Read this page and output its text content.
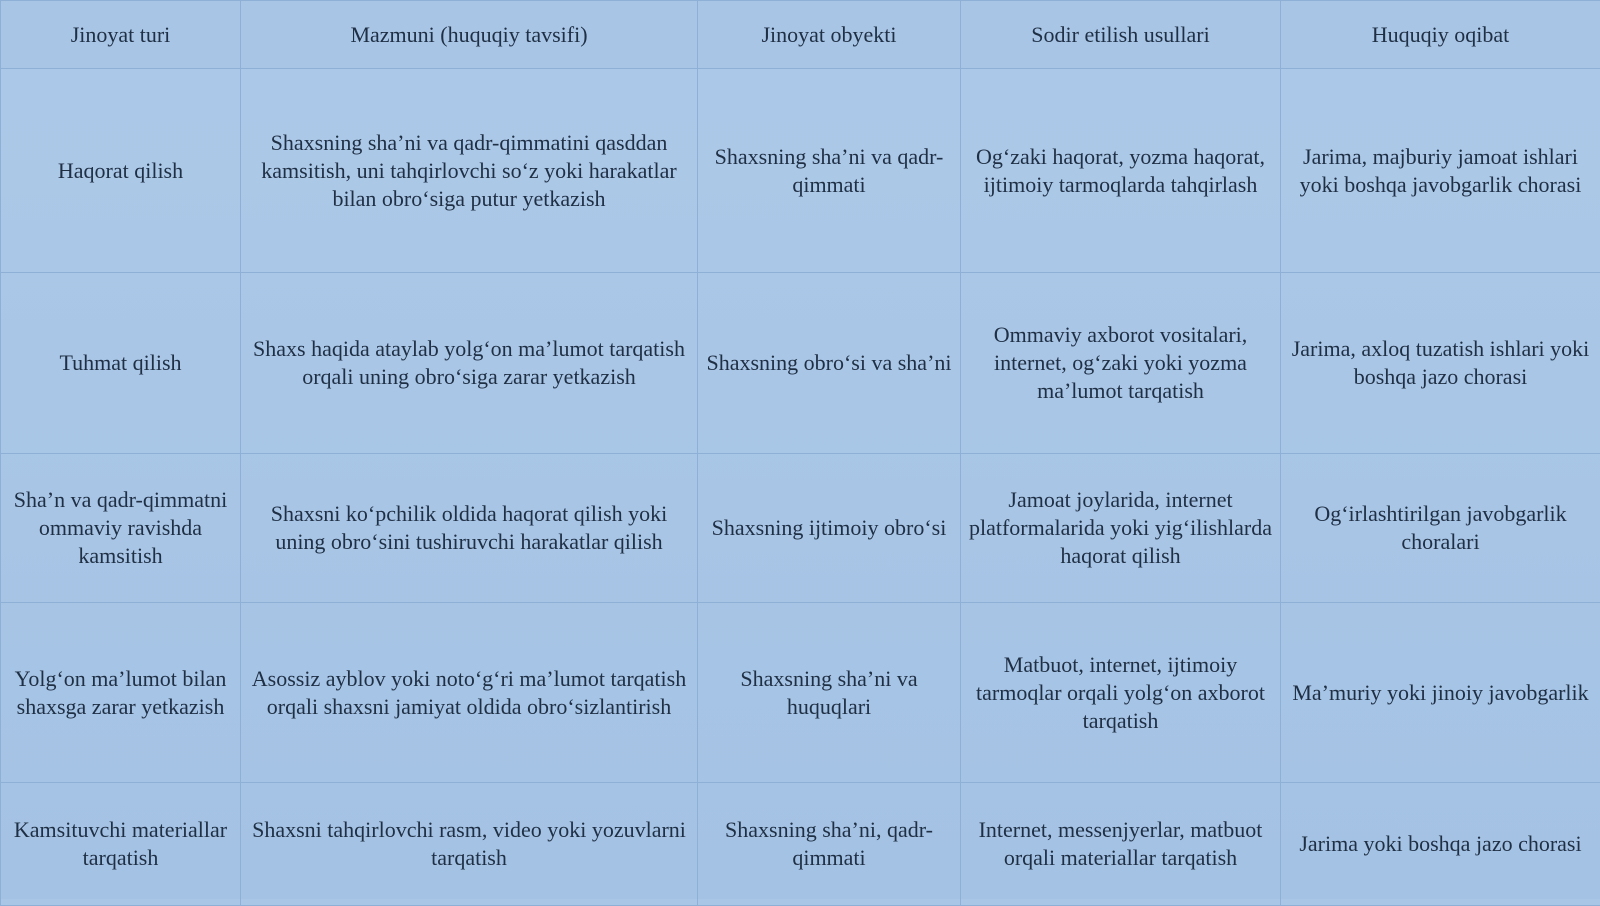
Jinoyat turi	Mazmuni (huquqiy tavsifi)	Jinoyat obyekti	Sodir etilish usullari	Huquqiy oqibat
Haqorat qilish	Shaxsning sha’ni va qadr-qimmatini qasddan kamsitish, uni tahqirlovchi so‘z yoki harakatlar bilan obro‘siga putur yetkazish	Shaxsning sha’ni va qadr-qimmati	Og‘zaki haqorat, yozma haqorat, ijtimoiy tarmoqlarda tahqirlash	Jarima, majburiy jamoat ishlari yoki boshqa javobgarlik chorasi
Tuhmat qilish	Shaxs haqida ataylab yolg‘on ma’lumot tarqatish orqali uning obro‘siga zarar yetkazish	Shaxsning obro‘si va sha’ni	Ommaviy axborot vositalari, internet, og‘zaki yoki yozma ma’lumot tarqatish	Jarima, axloq tuzatish ishlari yoki boshqa jazo chorasi
Sha’n va qadr-qimmatni ommaviy ravishda kamsitish	Shaxsni ko‘pchilik oldida haqorat qilish yoki uning obro‘sini tushiruvchi harakatlar qilish	Shaxsning ijtimoiy obro‘si	Jamoat joylarida, internet platformalarida yoki yig‘ilishlarda haqorat qilish	Og‘irlashtirilgan javobgarlik choralari
Yolg‘on ma’lumot bilan shaxsga zarar yetkazish	Asossiz ayblov yoki noto‘g‘ri ma’lumot tarqatish orqali shaxsni jamiyat oldida obro‘sizlantirish	Shaxsning sha’ni va huquqlari	Matbuot, internet, ijtimoiy tarmoqlar orqali yolg‘on axborot tarqatish	Ma’muriy yoki jinoiy javobgarlik
Kamsituvchi materiallar tarqatish	Shaxsni tahqirlovchi rasm, video yoki yozuvlarni tarqatish	Shaxsning sha’ni, qadr-qimmati	Internet, messenjyerlar, matbuot orqali materiallar tarqatish	Jarima yoki boshqa jazo chorasi
